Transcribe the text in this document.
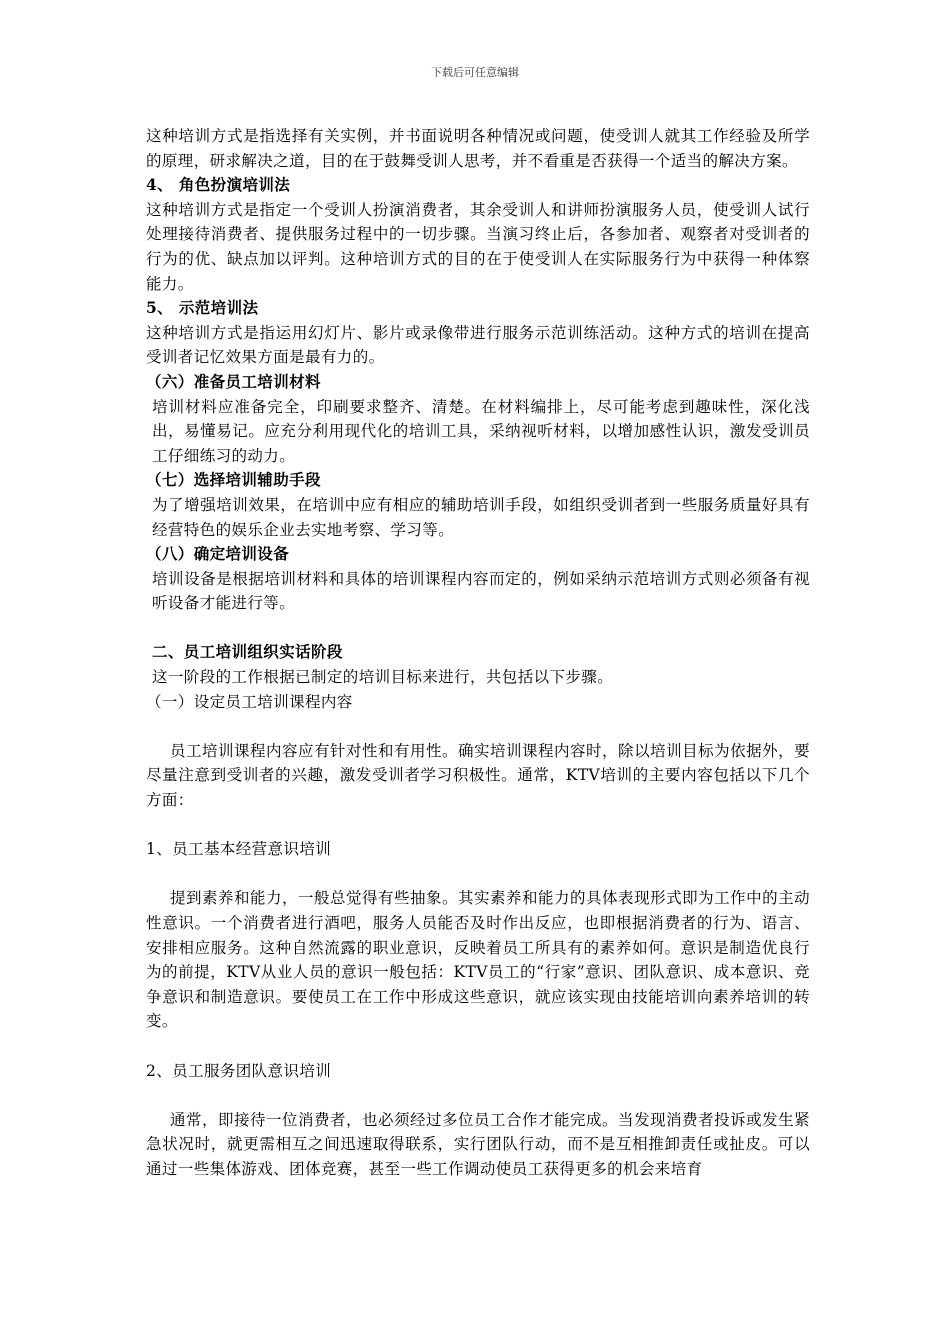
下载后可任意编辑

这种培训方式是指选择有关实例，并书面说明各种情况或问题，使受训人就其工作经验及所学的原理，研求解决之道，目的在于鼓舞受训人思考，并不看重是否获得一个适当的解决方案。

4、 角色扮演培训法

这种培训方式是指定一个受训人扮演消费者，其余受训人和讲师扮演服务人员，使受训人试行处理接待消费者、提供服务过程中的一切步骤。当演习终止后，各参加者、观察者对受训者的行为的优、缺点加以评判。这种培训方式的目的在于使受训人在实际服务行为中获得一种体察能力。

5、 示范培训法

这种培训方式是指运用幻灯片、影片或录像带进行服务示范训练活动。这种方式的培训在提高受训者记忆效果方面是最有力的。

（六）准备员工培训材料

培训材料应准备完全，印刷要求整齐、清楚。在材料编排上，尽可能考虑到趣味性，深化浅出，易懂易记。应充分利用现代化的培训工具，采纳视听材料，以增加感性认识，激发受训员工仔细练习的动力。

（七）选择培训辅助手段

为了增强培训效果，在培训中应有相应的辅助培训手段，如组织受训者到一些服务质量好具有经营特色的娱乐企业去实地考察、学习等。

（八）确定培训设备

培训设备是根据培训材料和具体的培训课程内容而定的，例如采纳示范培训方式则必须备有视听设备才能进行等。

二、员工培训组织实话阶段

这一阶段的工作根据已制定的培训目标来进行，共包括以下步骤。

（一）设定员工培训课程内容

员工培训课程内容应有针对性和有用性。确实培训课程内容时，除以培训目标为依据外，要尽量注意到受训者的兴趣，激发受训者学习积极性。通常，KTV培训的主要内容包括以下几个方面：

1、员工基本经营意识培训

提到素养和能力，一般总觉得有些抽象。其实素养和能力的具体表现形式即为工作中的主动性意识。一个消费者进行酒吧，服务人员能否及时作出反应，也即根据消费者的行为、语言、安排相应服务。这种自然流露的职业意识，反映着员工所具有的素养如何。意识是制造优良行为的前提，KTV从业人员的意识一般包括：KTV员工的“行家”意识、团队意识、成本意识、竞争意识和制造意识。要使员工在工作中形成这些意识，就应该实现由技能培训向素养培训的转变。

2、员工服务团队意识培训

通常，即接待一位消费者，也必须经过多位员工合作才能完成。当发现消费者投诉或发生紧急状况时，就更需相互之间迅速取得联系，实行团队行动，而不是互相推卸责任或扯皮。可以通过一些集体游戏、团体竞赛，甚至一些工作调动使员工获得更多的机会来培育
